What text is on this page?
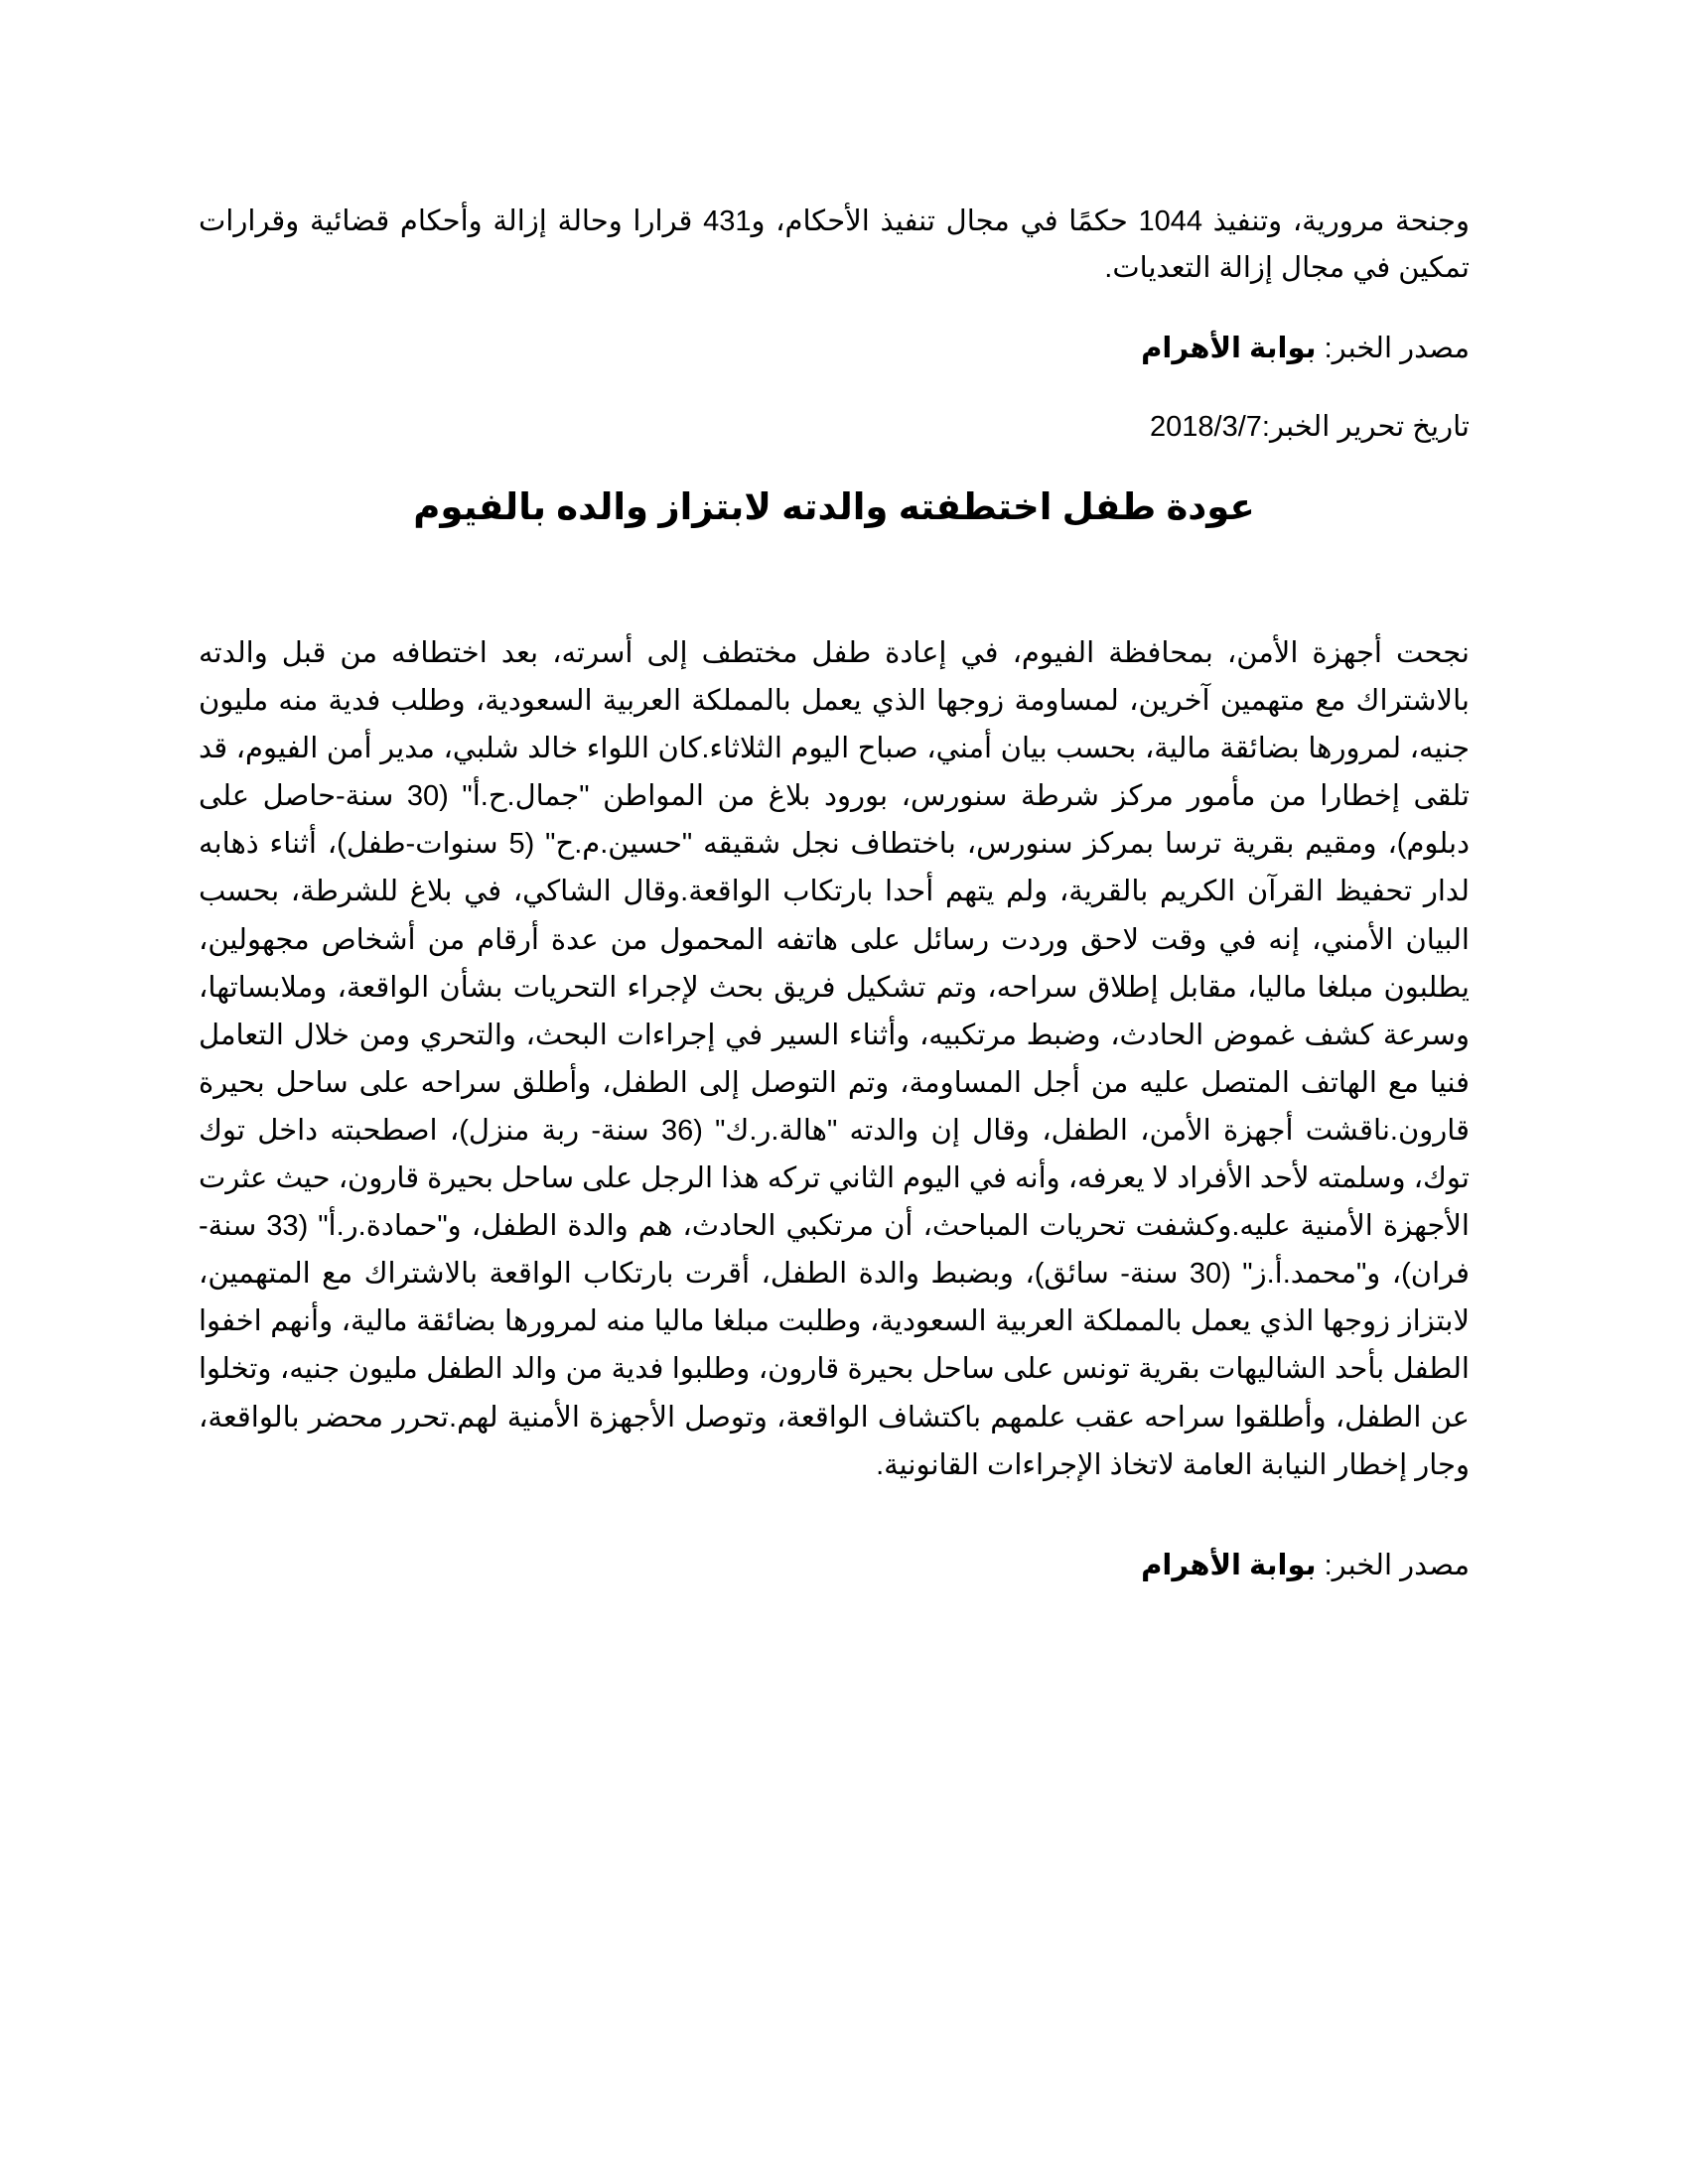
وجنحة مرورية، وتنفيذ 1044 حكمًا في مجال تنفيذ الأحكام، و431 قرارا وحالة إزالة وأحكام قضائية وقرارات تمكين في مجال إزالة التعديات.

مصدر الخبر: بوابة الأهرام

تاريخ تحرير الخبر:2018/3/7

عودة طفل اختطفته والدته لابتزاز والده بالفيوم

نجحت أجهزة الأمن، بمحافظة الفيوم، في إعادة طفل مختطف إلى أسرته، بعد اختطافه من قبل والدته بالاشتراك مع متهمين آخرين، لمساومة زوجها الذي يعمل بالمملكة العربية السعودية، وطلب فدية منه مليون جنيه، لمرورها بضائقة مالية، بحسب بيان أمني، صباح اليوم الثلاثاء.كان اللواء خالد شلبي، مدير أمن الفيوم، قد تلقى إخطارا من مأمور مركز شرطة سنورس، بورود بلاغ من المواطن "جمال.ح.أ" (30 سنة-حاصل على دبلوم)، ومقيم بقرية ترسا بمركز سنورس، باختطاف نجل شقيقه "حسين.م.ح" (5 سنوات-طفل)، أثناء ذهابه لدار تحفيظ القرآن الكريم بالقرية، ولم يتهم أحدا بارتكاب الواقعة.وقال الشاكي، في بلاغ للشرطة، بحسب البيان الأمني، إنه في وقت لاحق وردت رسائل على هاتفه المحمول من عدة أرقام من أشخاص مجهولين، يطلبون مبلغا ماليا، مقابل إطلاق سراحه، وتم تشكيل فريق بحث لإجراء التحريات بشأن الواقعة، وملابساتها، وسرعة كشف غموض الحادث، وضبط مرتكبيه، وأثناء السير في إجراءات البحث، والتحري ومن خلال التعامل فنيا مع الهاتف المتصل عليه من أجل المساومة، وتم التوصل إلى الطفل، وأطلق سراحه على ساحل بحيرة قارون.ناقشت أجهزة الأمن، الطفل، وقال إن والدته "هالة.ر.ك" (36 سنة- ربة منزل)، اصطحبته داخل توك توك، وسلمته لأحد الأفراد لا يعرفه، وأنه في اليوم الثاني تركه هذا الرجل على ساحل بحيرة قارون، حيث عثرت الأجهزة الأمنية عليه.وكشفت تحريات المباحث، أن مرتكبي الحادث، هم والدة الطفل، و"حمادة.ر.أ" (33 سنة- فران)، و"محمد.أ.ز" (30 سنة- سائق)، وبضبط والدة الطفل، أقرت بارتكاب الواقعة بالاشتراك مع المتهمين، لابتزاز زوجها الذي يعمل بالمملكة العربية السعودية، وطلبت مبلغا ماليا منه لمرورها بضائقة مالية، وأنهم اخفوا الطفل بأحد الشاليهات بقرية تونس على ساحل بحيرة قارون، وطلبوا فدية من والد الطفل مليون جنيه، وتخلوا عن الطفل، وأطلقوا سراحه عقب علمهم باكتشاف الواقعة، وتوصل الأجهزة الأمنية لهم.تحرر محضر بالواقعة، وجار إخطار النيابة العامة لاتخاذ الإجراءات القانونية.

مصدر الخبر: بوابة الأهرام
